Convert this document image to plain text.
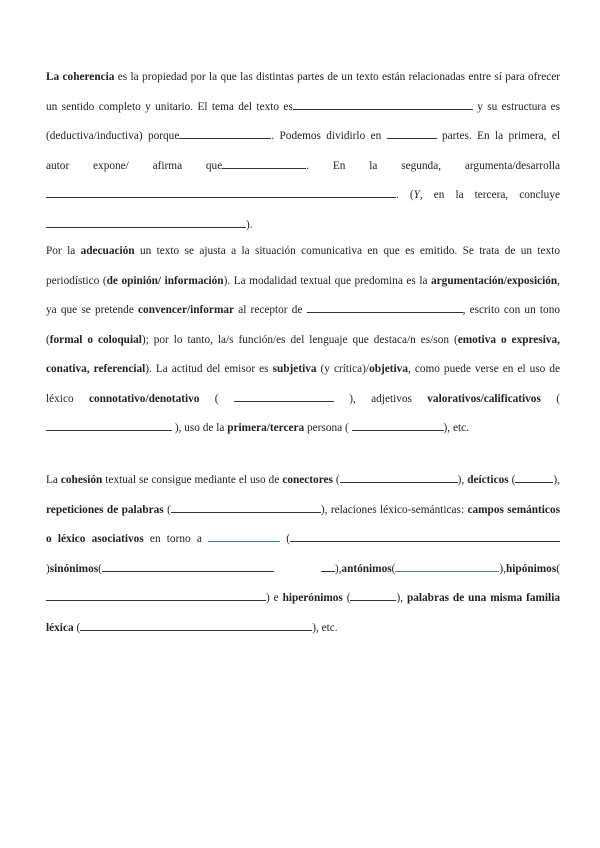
La coherencia es la propiedad por la que las distintas partes de un texto están relacionadas entre sí para ofrecer un sentido completo y unitario. El tema del texto es	y su estructura es (deductiva/inductiva) porque	. Podemos dividirlo en	partes. En la primera, el autor expone/ afirma que	. En la segunda, argumenta/desarrolla . (Y, en la tercera, concluye ).

Por la adecuación un texto se ajusta a la situación comunicativa en que es emitido. Se trata de un texto periodístico (de opinión/ información). La modalidad textual que predomina es la argumentación/exposición, ya que se pretende convencer/informar al receptor de	, escrito con un tono (formal o coloquial); por lo tanto, la/s función/es del lenguaje que destaca/n es/son (emotiva o expresiva, conativa, referencial). La actitud del emisor es subjetiva (y crítica)/objetiva, como puede verse en el uso de léxico connotativo/denotativo (	), adjetivos valorativos/calificativos (  ), uso de la primera/tercera persona (	), etc.

La cohesión textual se consigue mediante el uso de conectores (	), deícticos (	), repeticiones de palabras (	), relaciones léxico-semánticas: campos semánticos o léxico asociativos en torno a	()sinónimos(	),antónimos(	),hipónimos() e hiperónimos (	), palabras de una misma familia léxica (	), etc.
